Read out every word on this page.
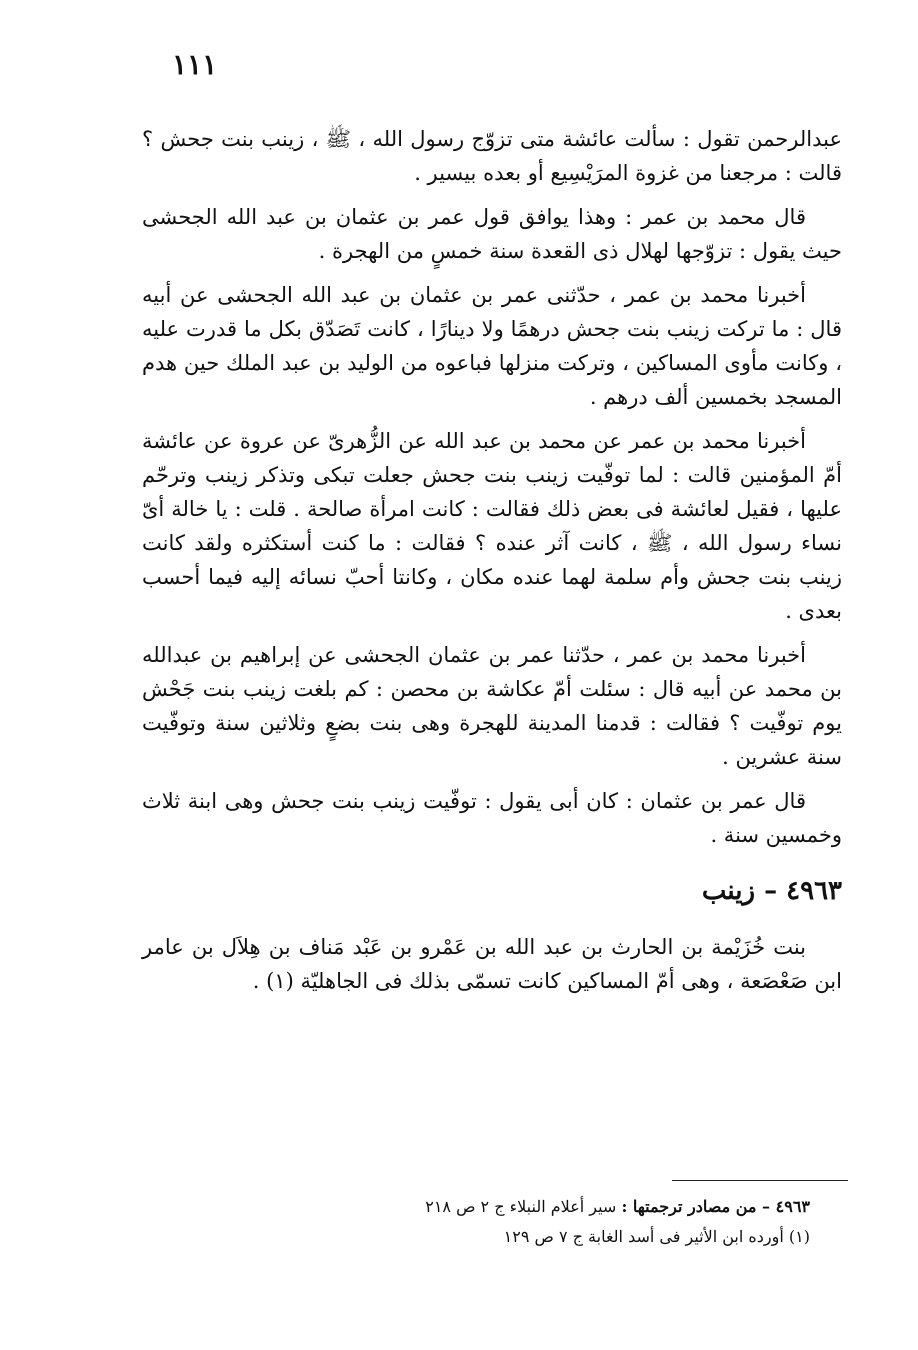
١١١

عبدالرحمن تقول : سألت عائشة متى تزوّج رسول الله ، ﷺ ، زينب بنت جحش ؟ قالت : مرجعنا من غزوة المرَيْسِيع أو بعده بيسير .

قال محمد بن عمر : وهذا يوافق قول عمر بن عثمان بن عبد الله الجحشى حيث يقول : تزوّجها لهلال ذى القعدة سنة خمسٍ من الهجرة .

أخبرنا محمد بن عمر ، حدّثنى عمر بن عثمان بن عبد الله الجحشى عن أبيه قال : ما تركت زينب بنت جحش درهمًا ولا دينارًا ، كانت تَصَدّق بكل ما قدرت عليه ، وكانت مأوى المساكين ، وتركت منزلها فباعوه من الوليد بن عبد الملك حين هدم المسجد بخمسين ألف درهم .

أخبرنا محمد بن عمر عن محمد بن عبد الله عن الزُّهرىّ عن عروة عن عائشة أمّ المؤمنين قالت : لما توفّيت زينب بنت جحش جعلت تبكى وتذكر زينب وترحّم عليها ، فقيل لعائشة فى بعض ذلك فقالت : كانت امرأة صالحة . قلت : يا خالة أىّ نساء رسول الله ، ﷺ ، كانت آثر عنده ؟ فقالت : ما كنت أستكثره ولقد كانت زينب بنت جحش وأم سلمة لهما عنده مكان ، وكانتا أحبّ نسائه إليه فيما أحسب بعدى .

أخبرنا محمد بن عمر ، حدّثنا عمر بن عثمان الجحشى عن إبراهيم بن عبدالله بن محمد عن أبيه قال : سئلت أمّ عكاشة بن محصن : كم بلغت زينب بنت جَحْش يوم توفّيت ؟ فقالت : قدمنا المدينة للهجرة وهى بنت بضعٍ وثلاثين سنة وتوفّيت سنة عشرين .

قال عمر بن عثمان : كان أبى يقول : توفّيت زينب بنت جحش وهى ابنة ثلاث وخمسين سنة .

٤٩٦٣ – زينب

بنت خُزَيْمة بن الحارث بن عبد الله بن عَمْرو بن عَبْد مَناف بن هِلاَل بن عامر ابن صَعْصَعة ، وهى أمّ المساكين كانت تسمّى بذلك فى الجاهليّة (١) .

٤٩٦٣ – من مصادر ترجمتها : سير أعلام النبلاء ج ٢ ص ٢١٨

(١) أورده ابن الأثير فى أسد الغابة ج ٧ ص ١٢٩
